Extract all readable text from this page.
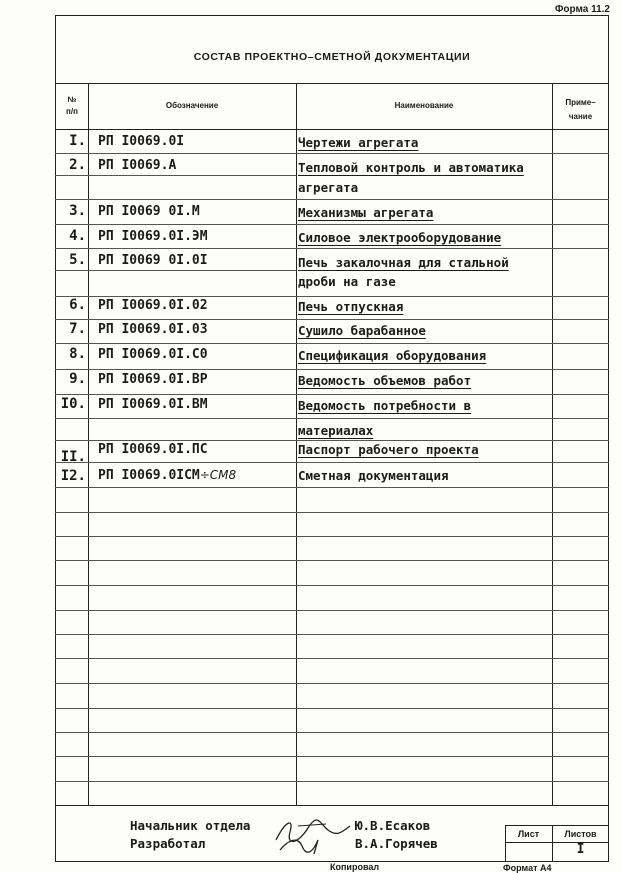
Форма 11.2
СОСТАВ ПРОЕКТНО–СМЕТНОЙ ДОКУМЕНТАЦИИ
№
п/п
Обозначение	Наименование	Приме–
чание
I. РП I0069.0I	Чертежи агрегата
2. РП I0069.А	Тепловой контроль и автоматика
агрегата
3. РП I0069 0I.М	Механизмы агрегата
4. РП I0069.0I.ЭМ	Силовое электрооборудование
5. РП I0069 0I.0I	Печь закалочная для стальной
дроби на газе
6. РП I0069.0I.02	Печь отпускная
7. РП I0069.0I.03	Сушило барабанное
8. РП I0069.0I.С0	Спецификация оборудования
9. РП I0069.0I.ВР	Ведомость объемов работ
I0. РП I0069.0I.ВМ	Ведомость потребности в
материалах
II. РП I0069.0I.ПС	Паспорт рабочего проекта
I2. РП I0069.0IСМ÷СМ8	Сметная документация
Начальник отдела
Разработал
Ю.В.Есаков
В.А.Горячев
Лист	Листов
I
Копировал	Формат А4
